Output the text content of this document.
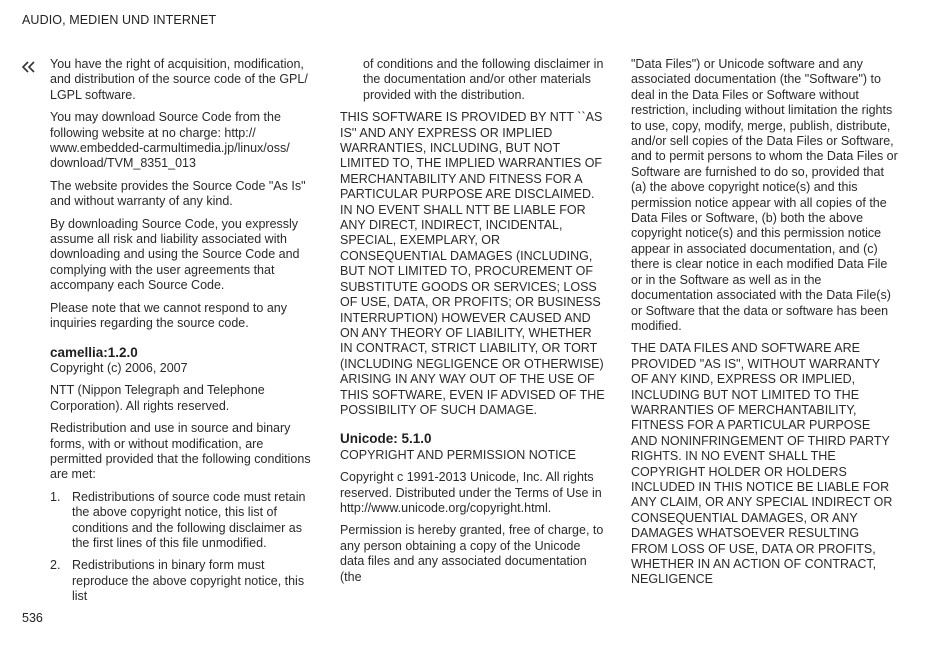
AUDIO, MEDIEN UND INTERNET

You have the right of acquisition, modification, and distribution of the source code of the GPL/ LGPL software.

You may download Source Code from the following website at no charge: http:// www.embedded-carmultimedia.jp/linux/oss/ download/TVM_8351_013

The website provides the Source Code "As Is" and without warranty of any kind.

By downloading Source Code, you expressly assume all risk and liability associated with downloading and using the Source Code and complying with the user agreements that accompany each Source Code.

Please note that we cannot respond to any inquiries regarding the source code.

camellia:1.2.0

Copyright (c) 2006, 2007

NTT (Nippon Telegraph and Telephone Corporation). All rights reserved.

Redistribution and use in source and binary forms, with or without modification, are permitted provided that the following conditions are met:

1. Redistributions of source code must retain the above copyright notice, this list of conditions and the following disclaimer as the first lines of this file unmodified.
2. Redistributions in binary form must reproduce the above copyright notice, this list

of conditions and the following disclaimer in the documentation and/or other materials provided with the distribution.

THIS SOFTWARE IS PROVIDED BY NTT ``AS IS'' AND ANY EXPRESS OR IMPLIED WARRANTIES, INCLUDING, BUT NOT LIMITED TO, THE IMPLIED WARRANTIES OF MERCHANTABILITY AND FITNESS FOR A PARTICULAR PURPOSE ARE DISCLAIMED. IN NO EVENT SHALL NTT BE LIABLE FOR ANY DIRECT, INDIRECT, INCIDENTAL, SPECIAL, EXEMPLARY, OR CONSEQUENTIAL DAMAGES (INCLUDING, BUT NOT LIMITED TO, PROCUREMENT OF SUBSTITUTE GOODS OR SERVICES; LOSS OF USE, DATA, OR PROFITS; OR BUSINESS INTERRUPTION) HOWEVER CAUSED AND ON ANY THEORY OF LIABILITY, WHETHER IN CONTRACT, STRICT LIABILITY, OR TORT (INCLUDING NEGLIGENCE OR OTHERWISE) ARISING IN ANY WAY OUT OF THE USE OF THIS SOFTWARE, EVEN IF ADVISED OF THE POSSIBILITY OF SUCH DAMAGE.

Unicode: 5.1.0

COPYRIGHT AND PERMISSION NOTICE

Copyright c 1991-2013 Unicode, Inc. All rights reserved. Distributed under the Terms of Use in http://www.unicode.org/copyright.html.

Permission is hereby granted, free of charge, to any person obtaining a copy of the Unicode data files and any associated documentation (the

"Data Files") or Unicode software and any associated documentation (the "Software") to deal in the Data Files or Software without restriction, including without limitation the rights to use, copy, modify, merge, publish, distribute, and/or sell copies of the Data Files or Software, and to permit persons to whom the Data Files or Software are furnished to do so, provided that (a) the above copyright notice(s) and this permission notice appear with all copies of the Data Files or Software, (b) both the above copyright notice(s) and this permission notice appear in associated documentation, and (c) there is clear notice in each modified Data File or in the Software as well as in the documentation associated with the Data File(s) or Software that the data or software has been modified.

THE DATA FILES AND SOFTWARE ARE PROVIDED "AS IS", WITHOUT WARRANTY OF ANY KIND, EXPRESS OR IMPLIED, INCLUDING BUT NOT LIMITED TO THE WARRANTIES OF MERCHANTABILITY, FITNESS FOR A PARTICULAR PURPOSE AND NONINFRINGEMENT OF THIRD PARTY RIGHTS. IN NO EVENT SHALL THE COPYRIGHT HOLDER OR HOLDERS INCLUDED IN THIS NOTICE BE LIABLE FOR ANY CLAIM, OR ANY SPECIAL INDIRECT OR CONSEQUENTIAL DAMAGES, OR ANY DAMAGES WHATSOEVER RESULTING FROM LOSS OF USE, DATA OR PROFITS, WHETHER IN AN ACTION OF CONTRACT, NEGLIGENCE

536
